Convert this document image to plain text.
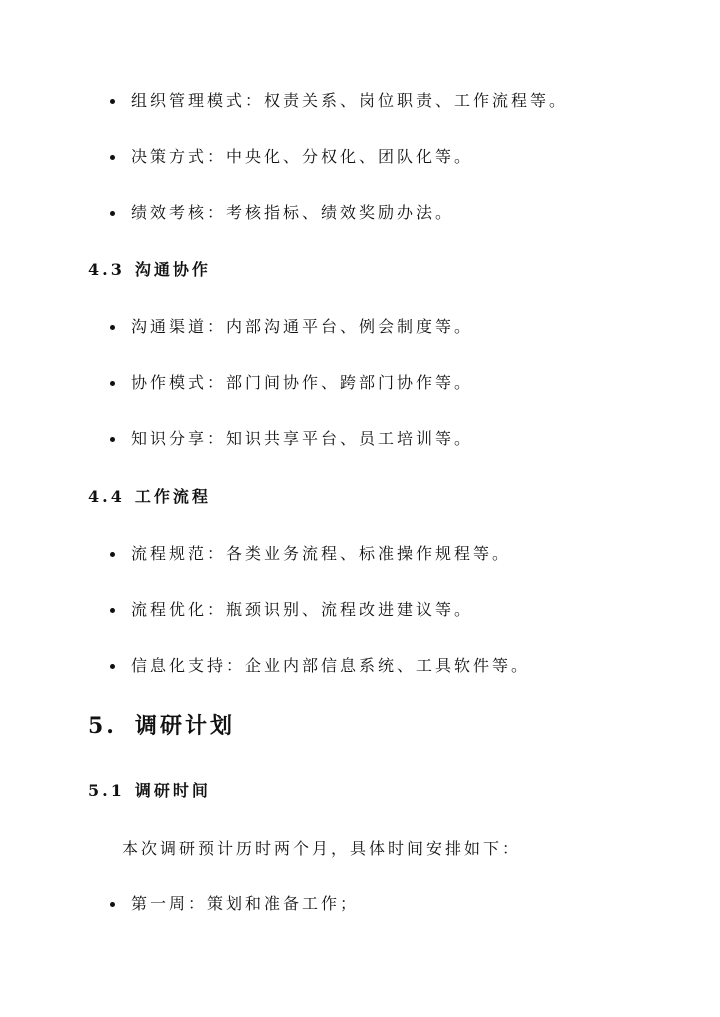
组织管理模式：权责关系、岗位职责、工作流程等。
决策方式：中央化、分权化、团队化等。
绩效考核：考核指标、绩效奖励办法。
4.3 沟通协作
沟通渠道：内部沟通平台、例会制度等。
协作模式：部门间协作、跨部门协作等。
知识分享：知识共享平台、员工培训等。
4.4 工作流程
流程规范：各类业务流程、标准操作规程等。
流程优化：瓶颈识别、流程改进建议等。
信息化支持：企业内部信息系统、工具软件等。
5. 调研计划
5.1 调研时间
本次调研预计历时两个月，具体时间安排如下：
第一周：策划和准备工作；
